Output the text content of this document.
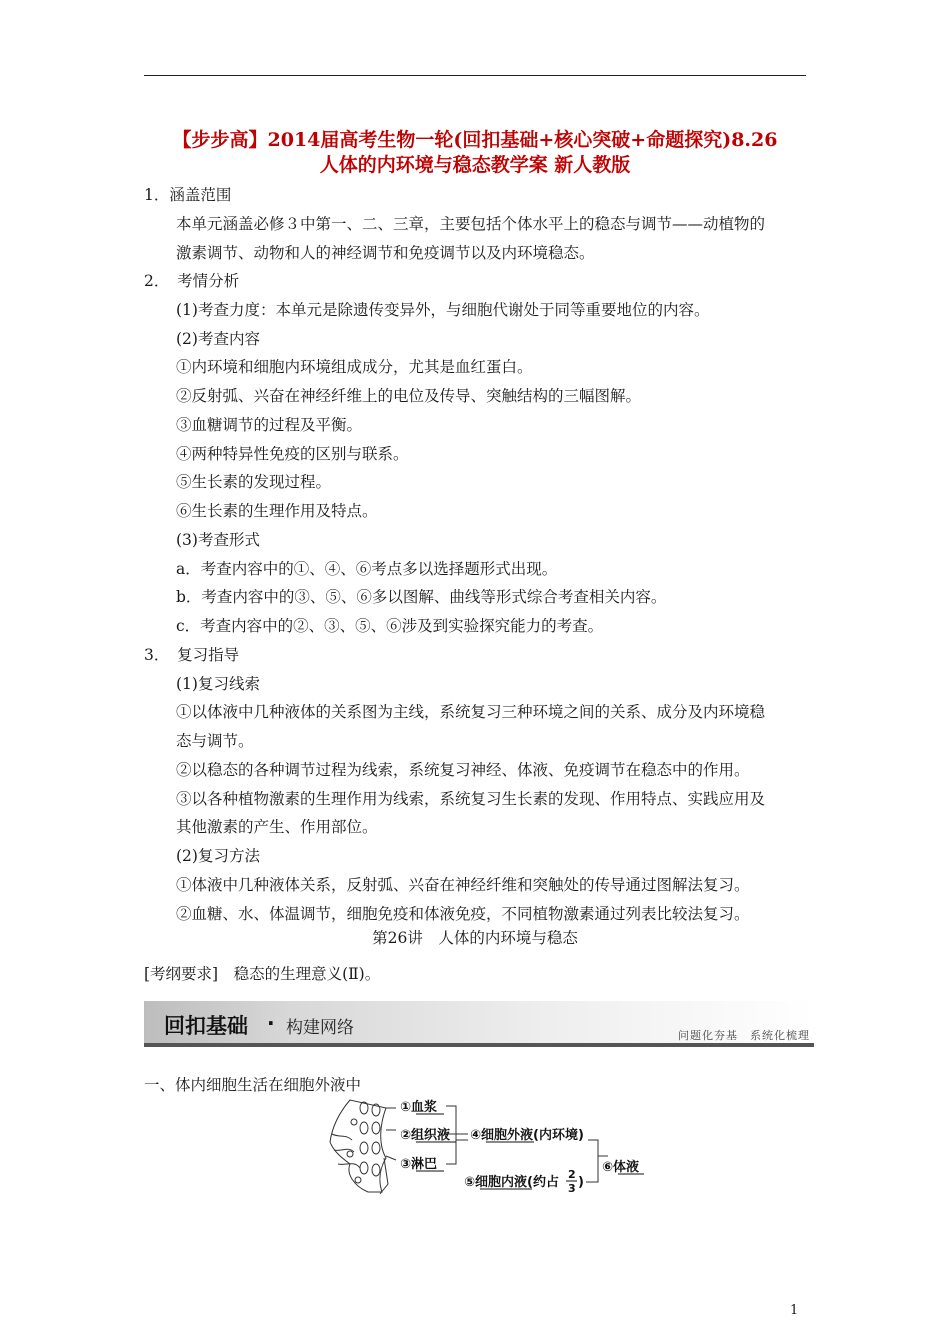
【步步高】2014届高考生物一轮(回扣基础+核心突破+命题探究)8.26
人体的内环境与稳态教学案 新人教版
1．涵盖范围
本单元涵盖必修３中第一、二、三章，主要包括个体水平上的稳态与调节——动植物的
激素调节、动物和人的神经调节和免疫调节以及内环境稳态。
2．　考情分析
(1)考查力度：本单元是除遗传变异外，与细胞代谢处于同等重要地位的内容。
(2)考查内容
①内环境和细胞内环境组成成分，尤其是血红蛋白。
②反射弧、兴奋在神经纤维上的电位及传导、突触结构的三幅图解。
③血糖调节的过程及平衡。
④两种特异性免疫的区别与联系。
⑤生长素的发现过程。
⑥生长素的生理作用及特点。
(3)考查形式
a．考查内容中的①、④、⑥考点多以选择题形式出现。
b．考查内容中的③、⑤、⑥多以图解、曲线等形式综合考查相关内容。
c．考查内容中的②、③、⑤、⑥涉及到实验探究能力的考查。
3．　复习指导
(1)复习线索
①以体液中几种液体的关系图为主线，系统复习三种环境之间的关系、成分及内环境稳
态与调节。
②以稳态的各种调节过程为线索，系统复习神经、体液、免疫调节在稳态中的作用。
③以各种植物激素的生理作用为线索，系统复习生长素的发现、作用特点、实践应用及
其他激素的产生、作用部位。
(2)复习方法
①体液中几种液体关系，反射弧、兴奋在神经纤维和突触处的传导通过图解法复习。
②血糖、水、体温调节，细胞免疫和体液免疫，不同植物激素通过列表比较法复习。
第26讲　人体的内环境与稳态
[考纲要求]　稳态的生理意义(Ⅱ)。
回扣基础 · 构建网络	问题化夯基　系统化梳理
一、体内细胞生活在细胞外液中
①血浆
②组织液
③淋巴
④细胞外液(内环境)
⑤细胞内液(约占
2
3 )
⑥体液
1
